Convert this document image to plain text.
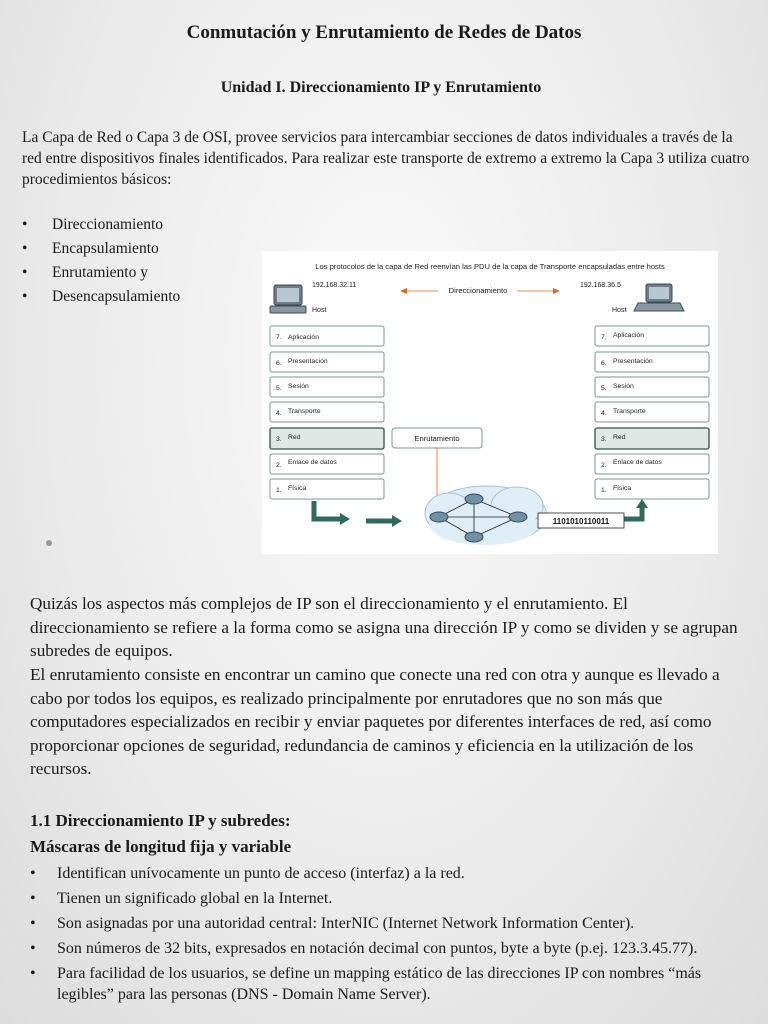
Conmutación y Enrutamiento de Redes de Datos
Unidad I. Direccionamiento IP y Enrutamiento

La Capa de Red o Capa 3 de OSI, provee servicios para intercambiar secciones de datos individuales a través de la red entre dispositivos finales identificados. Para realizar este transporte de extremo a extremo la Capa 3 utiliza cuatro procedimientos básicos:

•	Direccionamiento
•	Encapsulamiento
•	Enrutamiento y
•	Desencapsulamiento
Los protocolos de la capa de Red reenvían las PDU de la capa de Transporte encapsuladas entre hosts
192.168.32.11
Host
192.168.36.5
Host
Direccionamiento
7. Aplicación
6. Presentación
5. Sesión
4. Transporte
3. Red
2. Enlace de datos
1. Física
7. Aplicación
6. Presentación
5. Sesión
4. Transporte
3. Red
2. Enlace de datos
1. Física
Enrutamiento
1101010110011

Quizás los aspectos más complejos de IP son el direccionamiento y el enrutamiento. El direccionamiento se refiere a la forma como se asigna una dirección IP y como se dividen y se agrupan subredes de equipos.

El enrutamiento consiste en encontrar un camino que conecte una red con otra y aunque es llevado a cabo por todos los equipos, es realizado principalmente por enrutadores que no son más que computadores especializados en recibir y enviar paquetes por diferentes interfaces de red, así como proporcionar opciones de seguridad, redundancia de caminos y eficiencia en la utilización de los recursos.

1.1 Direccionamiento IP y subredes:
Máscaras de longitud fija y variable
•	Identifican unívocamente un punto de acceso (interfaz) a la red.
•	Tienen un significado global en la Internet.
•	Son asignadas por una autoridad central: InterNIC (Internet Network Information Center).
•	Son números de 32 bits, expresados en notación decimal con puntos, byte a byte (p.ej. 123.3.45.77).
•	Para facilidad de los usuarios, se define un mapping estático de las direcciones IP con nombres “más legibles” para las personas (DNS - Domain Name Server).
